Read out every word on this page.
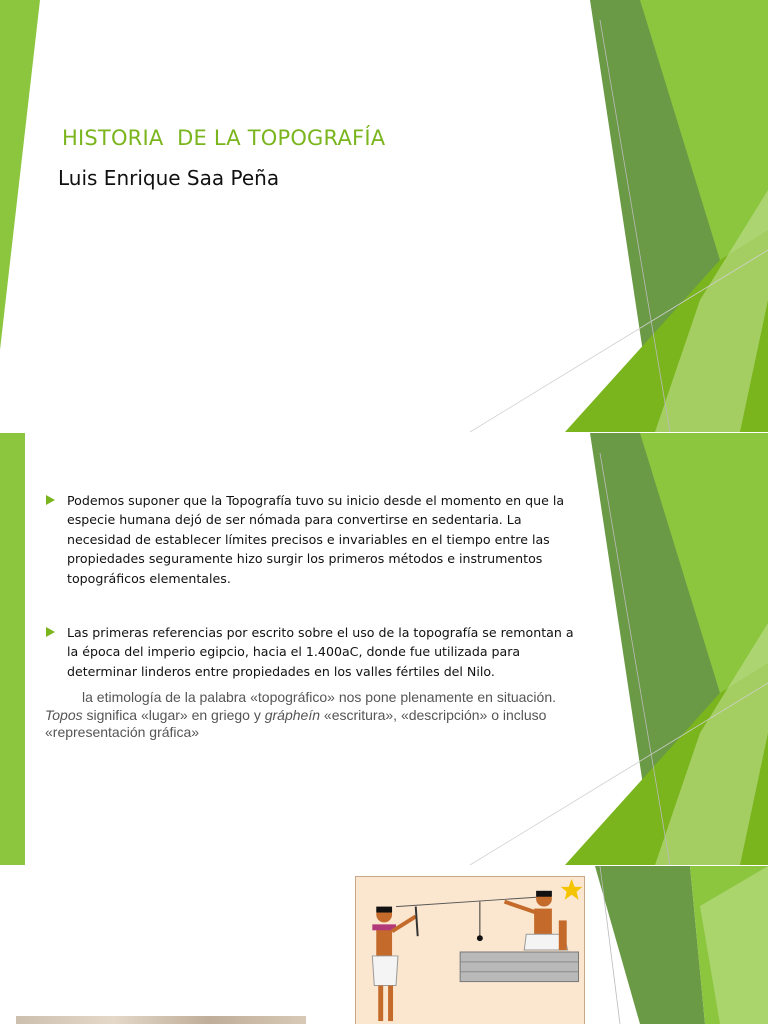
HISTORIA  DE LA TOPOGRAFÍA
Luis Enrique Saa Peña
Podemos suponer que la Topografía tuvo su inicio desde el momento en que la especie humana dejó de ser nómada para convertirse en sedentaria. La necesidad de establecer límites precisos e invariables en el tiempo entre las propiedades seguramente hizo surgir los primeros métodos e instrumentos topográficos elementales.
Las primeras referencias por escrito sobre el uso de la topografía se remontan a la época del imperio egipcio, hacia el 1.400aC, donde fue utilizada para determinar linderos entre propiedades en los valles fértiles del Nilo.
la etimología de la palabra «topográfico» nos pone plenamente en situación. Topos significa «lugar» en griego y grápheín «escritura», «descripción» o incluso «representación gráfica»
